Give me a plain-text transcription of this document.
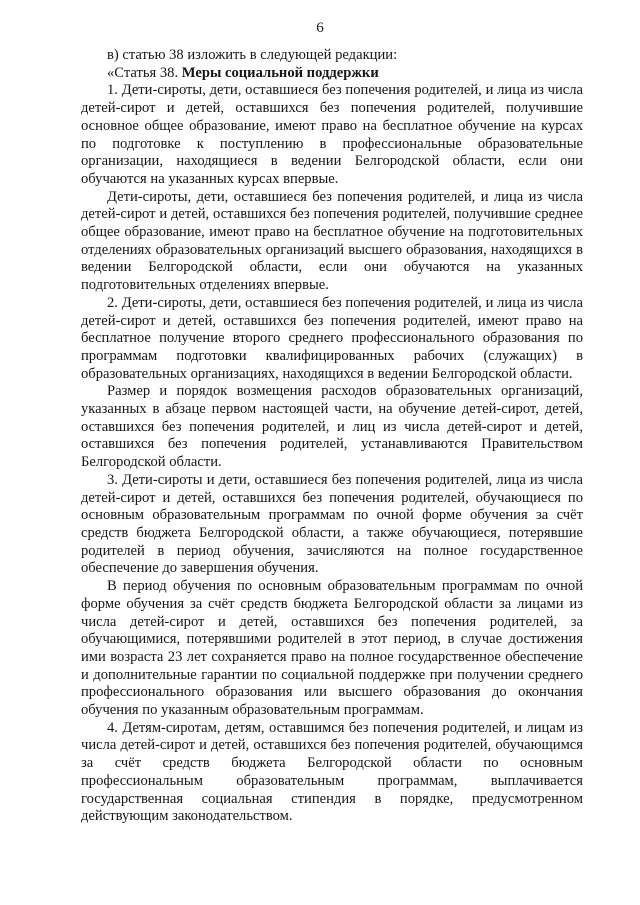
6

в) статью 38 изложить в следующей редакции:

«Статья 38. Меры социальной поддержки

1. Дети-сироты, дети, оставшиеся без попечения родителей, и лица из числа детей-сирот и детей, оставшихся без попечения родителей, получившие основное общее образование, имеют право на бесплатное обучение на курсах по подготовке к поступлению в профессиональные образовательные организации, находящиеся в ведении Белгородской области, если они обучаются на указанных курсах впервые.

Дети-сироты, дети, оставшиеся без попечения родителей, и лица из числа детей-сирот и детей, оставшихся без попечения родителей, получившие среднее общее образование, имеют право на бесплатное обучение на подготовительных отделениях образовательных организаций высшего образования, находящихся в ведении Белгородской области, если они обучаются на указанных подготовительных отделениях впервые.

2. Дети-сироты, дети, оставшиеся без попечения родителей, и лица из числа детей-сирот и детей, оставшихся без попечения родителей, имеют право на бесплатное получение второго среднего профессионального образования по программам подготовки квалифицированных рабочих (служащих) в образовательных организациях, находящихся в ведении Белгородской области.

Размер и порядок возмещения расходов образовательных организаций, указанных в абзаце первом настоящей части, на обучение детей-сирот, детей, оставшихся без попечения родителей, и лиц из числа детей-сирот и детей, оставшихся без попечения родителей, устанавливаются Правительством Белгородской области.

3. Дети-сироты и дети, оставшиеся без попечения родителей, лица из числа детей-сирот и детей, оставшихся без попечения родителей, обучающиеся по основным образовательным программам по очной форме обучения за счёт средств бюджета Белгородской области, а также обучающиеся, потерявшие родителей в период обучения, зачисляются на полное государственное обеспечение до завершения обучения.

В период обучения по основным образовательным программам по очной форме обучения за счёт средств бюджета Белгородской области за лицами из числа детей-сирот и детей, оставшихся без попечения родителей, за обучающимися, потерявшими родителей в этот период, в случае достижения ими возраста 23 лет сохраняется право на полное государственное обеспечение и дополнительные гарантии по социальной поддержке при получении среднего профессионального образования или высшего образования до окончания обучения по указанным образовательным программам.

4. Детям-сиротам, детям, оставшимся без попечения родителей, и лицам из числа детей-сирот и детей, оставшихся без попечения родителей, обучающимся за счёт средств бюджета Белгородской области по основным профессиональным образовательным программам, выплачивается государственная социальная стипендия в порядке, предусмотренном действующим законодательством.
